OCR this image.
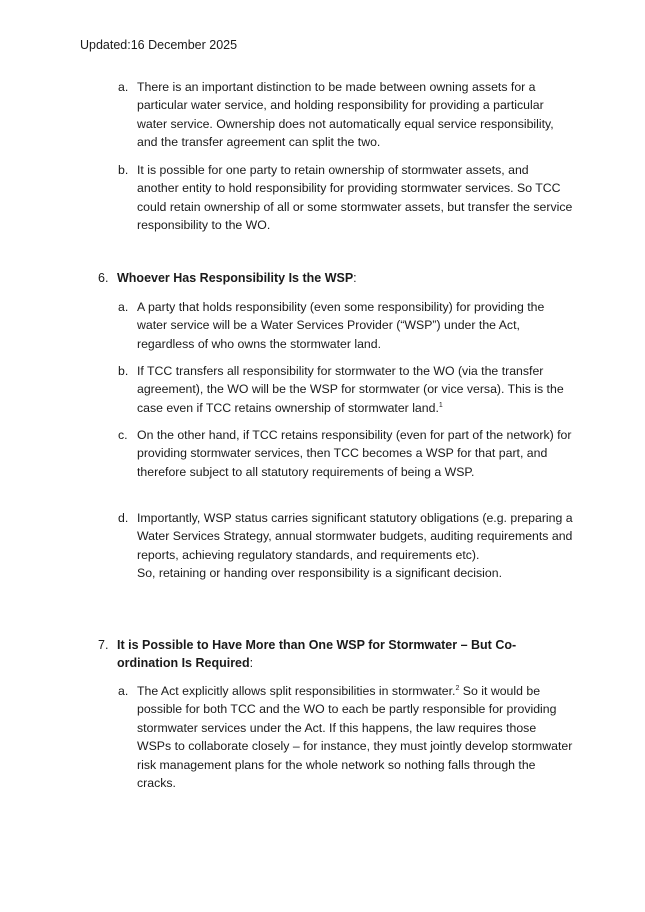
Updated:16 December 2025
a. There is an important distinction to be made between owning assets for a particular water service, and holding responsibility for providing a particular water service. Ownership does not automatically equal service responsibility, and the transfer agreement can split the two.
b. It is possible for one party to retain ownership of stormwater assets, and another entity to hold responsibility for providing stormwater services. So TCC could retain ownership of all or some stormwater assets, but transfer the service responsibility to the WO.
6. Whoever Has Responsibility Is the WSP:
a. A party that holds responsibility (even some responsibility) for providing the water service will be a Water Services Provider (“WSP”) under the Act, regardless of who owns the stormwater land.
b. If TCC transfers all responsibility for stormwater to the WO (via the transfer agreement), the WO will be the WSP for stormwater (or vice versa). This is the case even if TCC retains ownership of stormwater land.$^1$
c. On the other hand, if TCC retains responsibility (even for part of the network) for providing stormwater services, then TCC becomes a WSP for that part, and therefore subject to all statutory requirements of being a WSP.
d. Importantly, WSP status carries significant statutory obligations (e.g. preparing a Water Services Strategy, annual stormwater budgets, auditing requirements and
reports, achieving regulatory standards, and requirements etc).
So, retaining or handing over responsibility is a significant decision.
7. It is Possible to Have More than One WSP for Stormwater – But Co-ordination Is Required:
a. The Act explicitly allows split responsibilities in stormwater.$^2$ So it would be possible for both TCC and the WO to each be partly responsible for providing stormwater services under the Act. If this happens, the law requires those WSPs to collaborate closely – for instance, they must jointly develop stormwater risk management plans for the whole network so nothing falls through the cracks.
